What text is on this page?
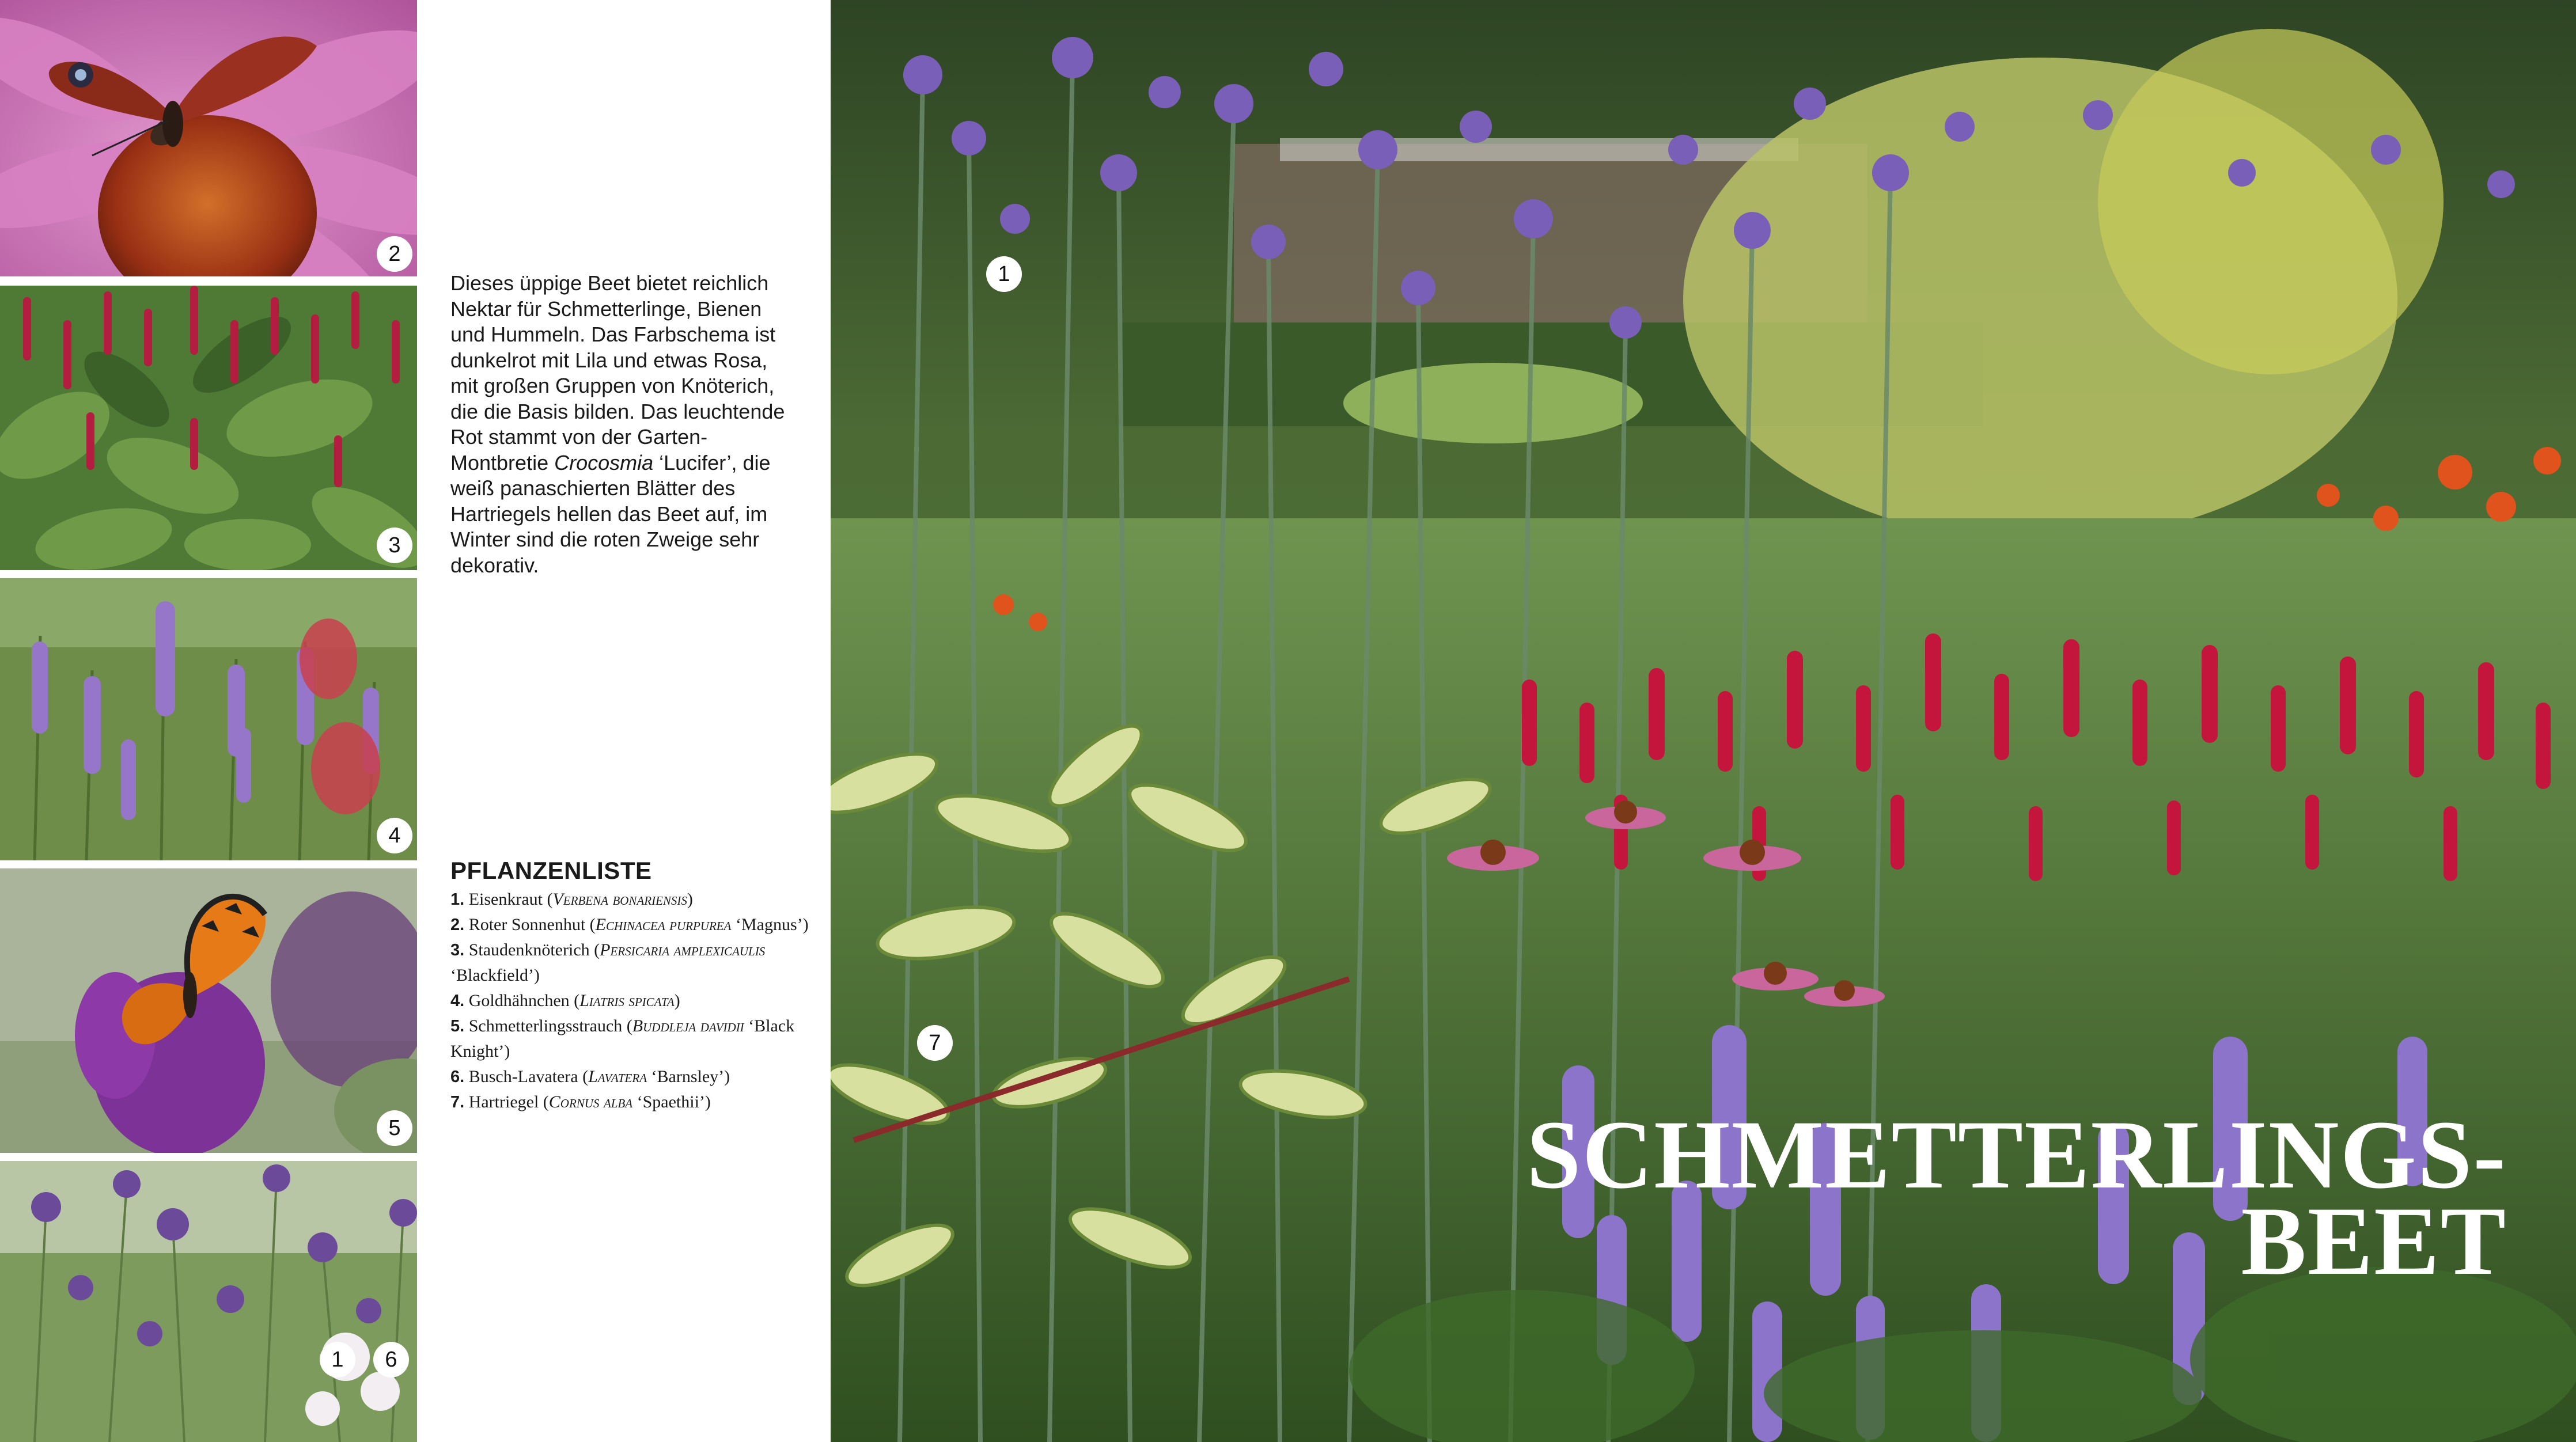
2
3
4
5
1	6

Dieses üppige Beet bietet reichlich Nektar für Schmetterlinge, Bienen und Hummeln. Das Farbschema ist dunkelrot mit Lila und etwas Rosa, mit großen Gruppen von Knöterich, die die Basis bilden. Das leuchtende Rot stammt von der Garten-Montbretie Crocosmia ‘Lucifer’, die weiß panaschierten Blätter des Hartriegels hellen das Beet auf, im Winter sind die roten Zweige sehr dekorativ.

PFLANZENLISTE
1. Eisenkraut (Verbena bonariensis)
2. Roter Sonnenhut (Echinacea purpurea ‘Magnus’)
3. Staudenknöterich (Persicaria amplexicaulis ‘Blackfield’)
4. Goldhähnchen (Liatris spicata)
5. Schmetterlingsstrauch (Buddleja davidii ‘Black Knight’)
6. Busch-Lavatera (Lavatera ‘Barnsley’)
7. Hartriegel (Cornus alba ‘Spaethii’)
1
7
SCHMETTERLINGS-
BEET
